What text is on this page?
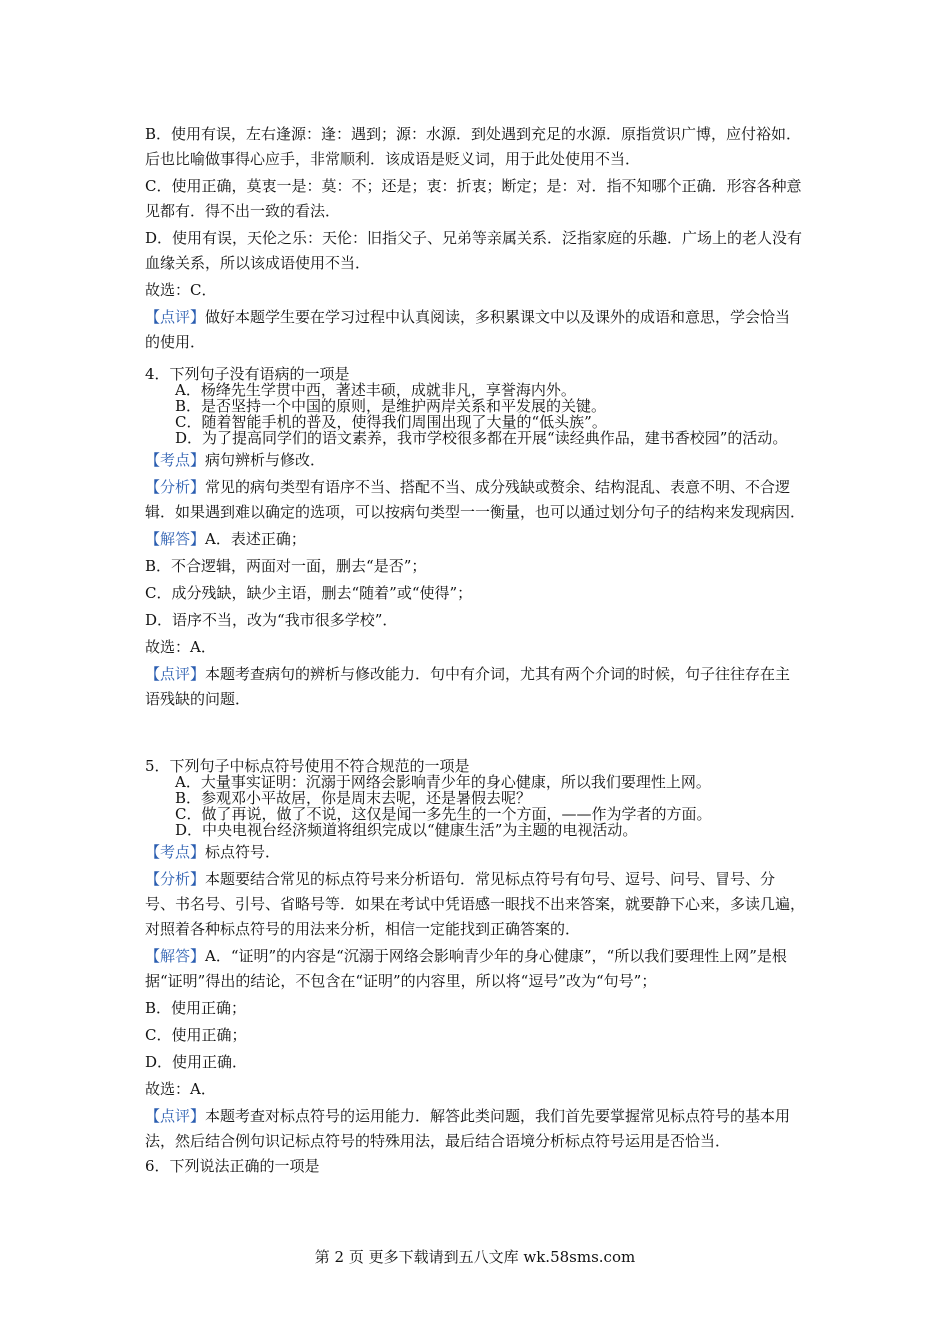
B．使用有误，左右逢源：逢：遇到；源：水源．到处遇到充足的水源．原指赏识广博，应付裕如．后也比喻做事得心应手，非常顺利．该成语是贬义词，用于此处使用不当．

C．使用正确，莫衷一是：莫：不；还是；衷：折衷；断定；是：对．指不知哪个正确．形容各种意见都有．得不出一致的看法．

D．使用有误，天伦之乐：天伦：旧指父子、兄弟等亲属关系．泛指家庭的乐趣．广场上的老人没有血缘关系，所以该成语使用不当．

故选：C．

【点评】做好本题学生要在学习过程中认真阅读，多积累课文中以及课外的成语和意思，学会恰当的使用．

4．下列句子没有语病的一项是

A．杨绛先生学贯中西，著述丰硕，成就非凡，享誉海内外。

B．是否坚持一个中国的原则，是维护两岸关系和平发展的关键。

C．随着智能手机的普及，使得我们周围出现了大量的“低头族”。

D．为了提高同学们的语文素养，我市学校很多都在开展“读经典作品，建书香校园”的活动。

【考点】病句辨析与修改．

【分析】常见的病句类型有语序不当、搭配不当、成分残缺或赘余、结构混乱、表意不明、不合逻辑．如果遇到难以确定的选项，可以按病句类型一一衡量，也可以通过划分句子的结构来发现病因．

【解答】A．表述正确；

B．不合逻辑，两面对一面，删去“是否”；

C．成分残缺，缺少主语，删去“随着”或“使得”；

D．语序不当，改为“我市很多学校”．

故选：A．

【点评】本题考查病句的辨析与修改能力．句中有介词，尤其有两个介词的时候，句子往往存在主语残缺的问题．

5．下列句子中标点符号使用不符合规范的一项是

A．大量事实证明：沉溺于网络会影响青少年的身心健康，所以我们要理性上网。

B．参观邓小平故居，你是周末去呢，还是暑假去呢？

C．做了再说，做了不说，这仅是闻一多先生的一个方面，——作为学者的方面。

D．中央电视台经济频道将组织完成以“健康生活”为主题的电视活动。

【考点】标点符号．

【分析】本题要结合常见的标点符号来分析语句．常见标点符号有句号、逗号、问号、冒号、分号、书名号、引号、省略号等．如果在考试中凭语感一眼找不出来答案，就要静下心来，多读几遍，对照着各种标点符号的用法来分析，相信一定能找到正确答案的．

【解答】A．“证明”的内容是“沉溺于网络会影响青少年的身心健康”，“所以我们要理性上网”是根据“证明”得出的结论，不包含在“证明”的内容里，所以将“逗号”改为“句号”；

B．使用正确；

C．使用正确；

D．使用正确．

故选：A．

【点评】本题考查对标点符号的运用能力．解答此类问题，我们首先要掌握常见标点符号的基本用法，然后结合例句识记标点符号的特殊用法，最后结合语境分析标点符号运用是否恰当．

6．下列说法正确的一项是

第 2 页 更多下载请到五八文库 wk.58sms.com
